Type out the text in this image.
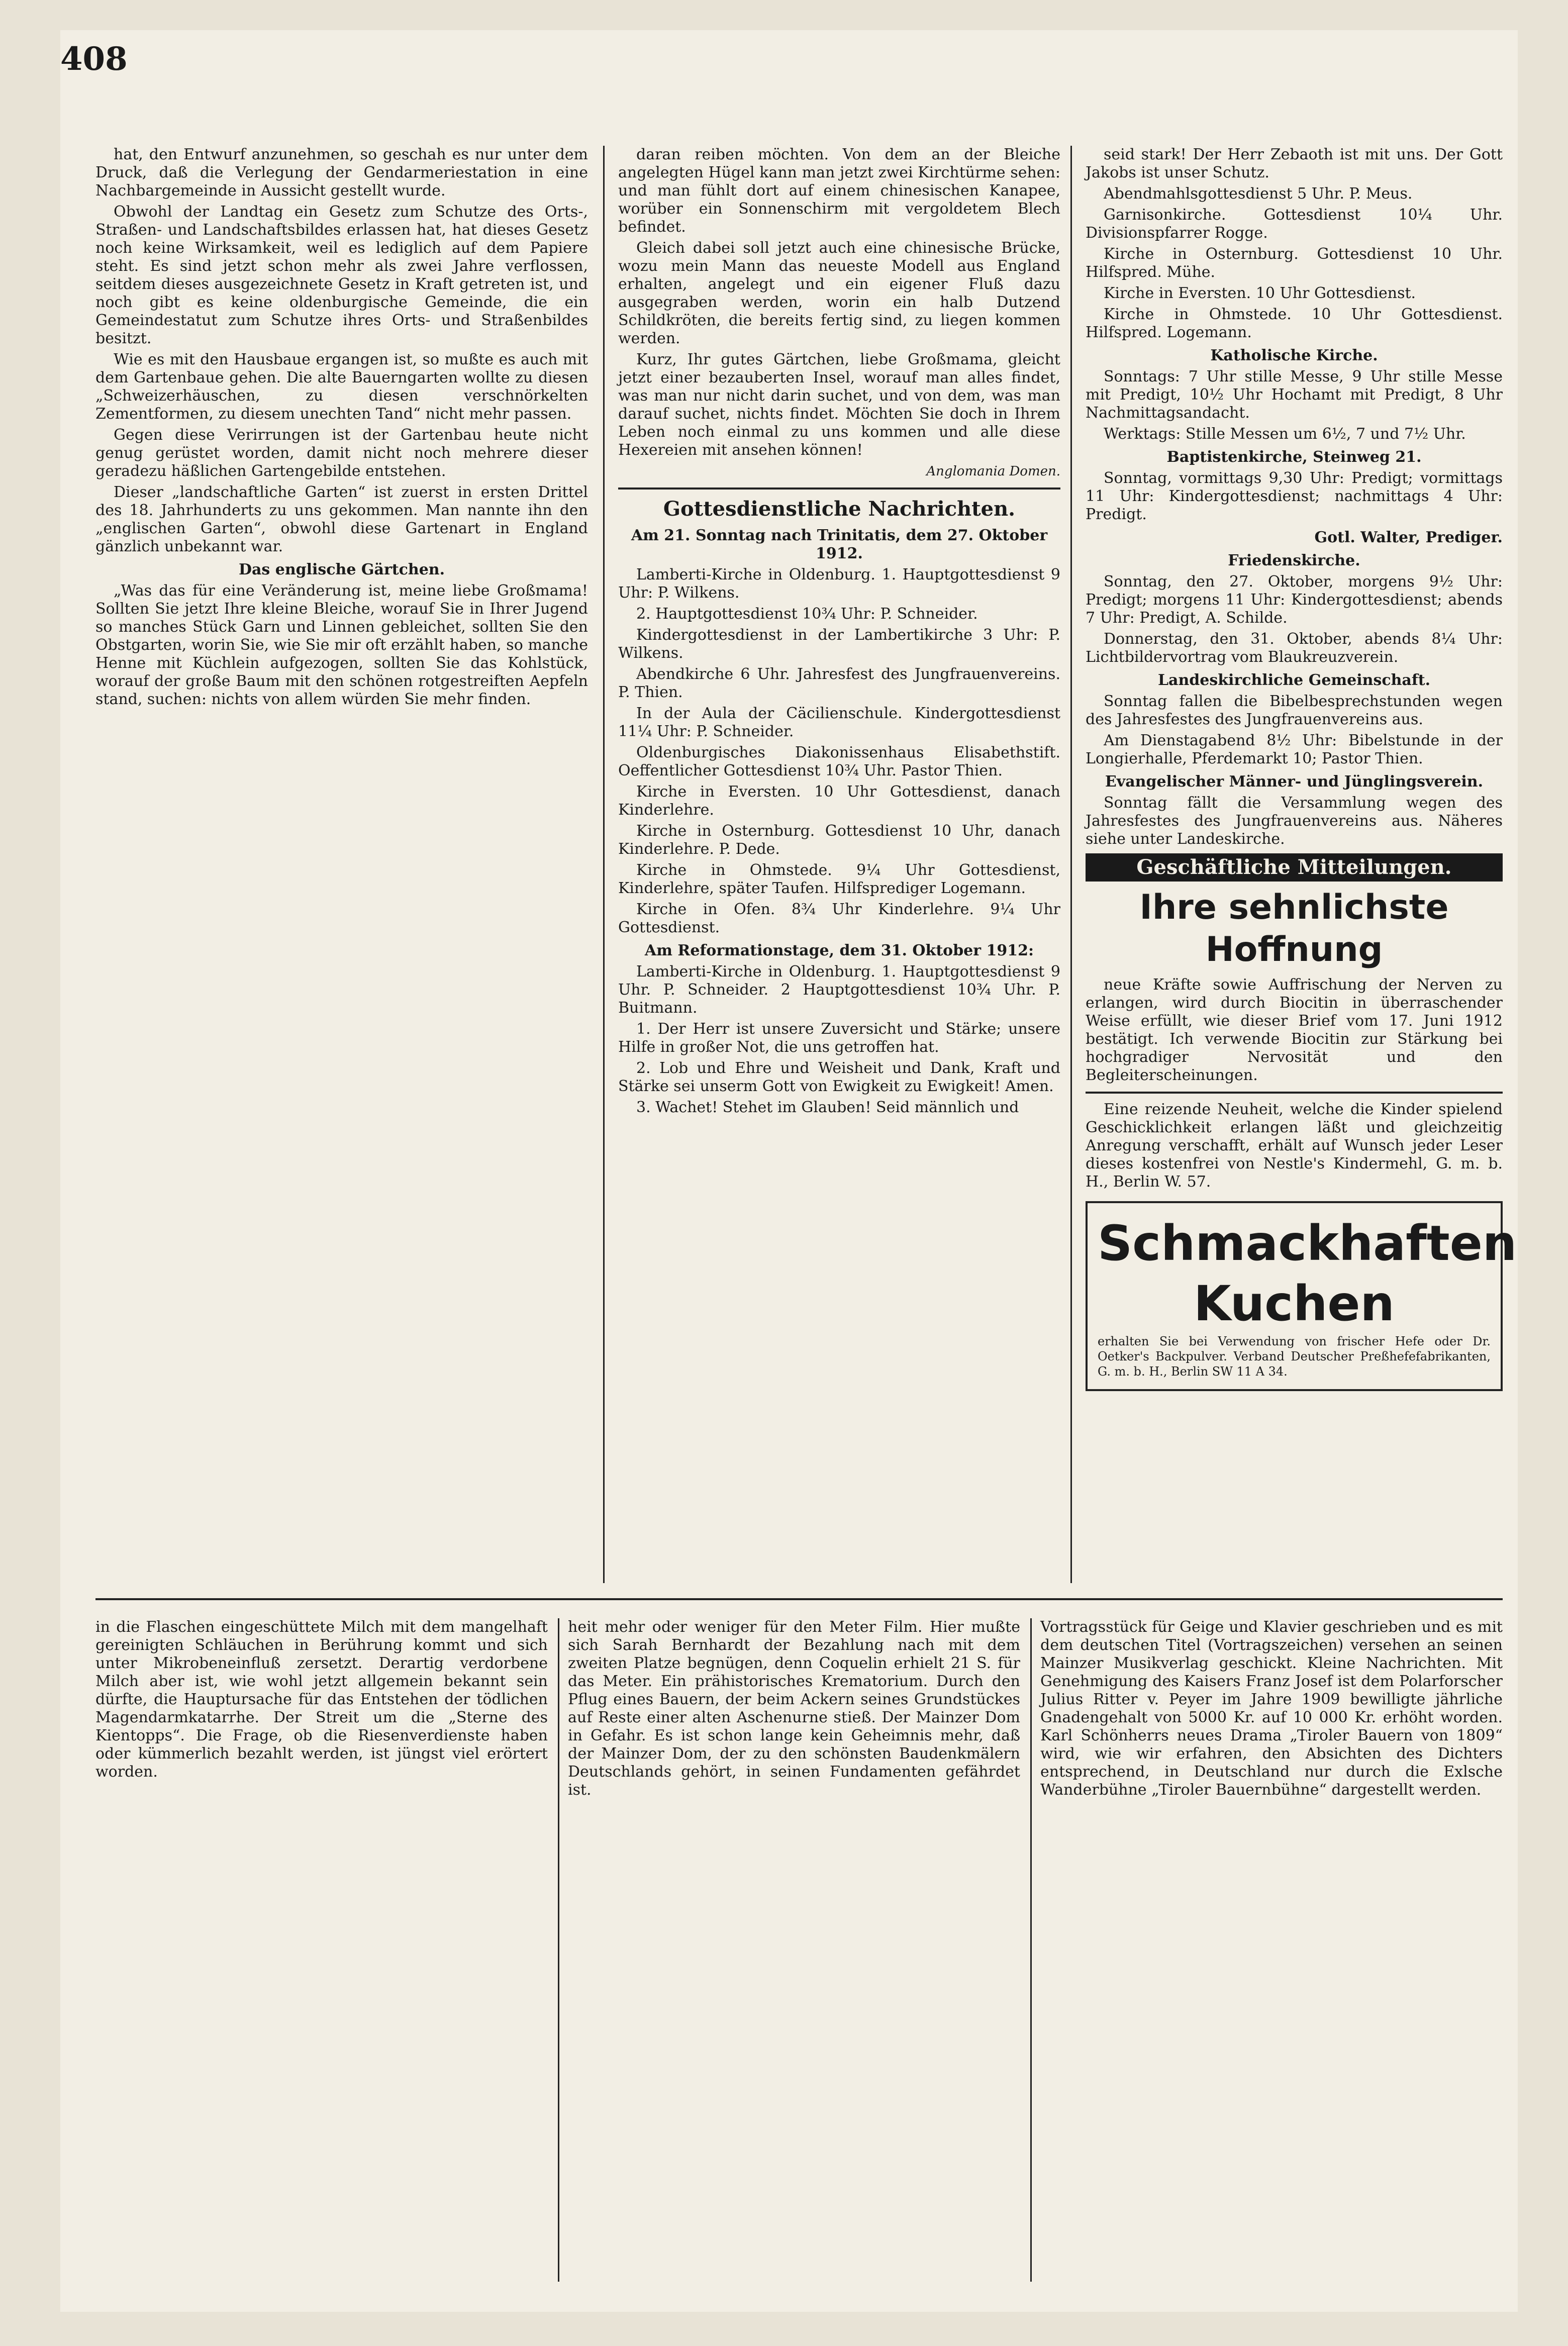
408

hat, den Entwurf anzunehmen, so geschah es nur unter dem Druck, daß die Verlegung der Gendarmeriestation in eine Nachbargemeinde in Aussicht gestellt wurde.

Obwohl der Landtag ein Gesetz zum Schutze des Orts-, Straßen- und Landschaftsbildes erlassen hat, hat dieses Gesetz noch keine Wirksamkeit, weil es lediglich auf dem Papiere steht. Es sind jetzt schon mehr als zwei Jahre verflossen, seitdem dieses ausgezeichnete Gesetz in Kraft getreten ist, und noch gibt es keine oldenburgische Gemeinde, die ein Gemeindestatut zum Schutze ihres Orts- und Straßenbildes besitzt.

Wie es mit den Hausbaue ergangen ist, so mußte es auch mit dem Gartenbaue gehen. Die alte Bauerngarten wollte zu diesen „Schweizerhäuschen, zu diesen verschnörkelten Zementformen, zu diesem unechten Tand“ nicht mehr passen.

Gegen diese Verirrungen ist der Gartenbau heute nicht genug gerüstet worden, damit nicht noch mehrere dieser geradezu häßlichen Gartengebilde entstehen.

Dieser „landschaftliche Garten“ ist zuerst in ersten Drittel des 18. Jahrhunderts zu uns gekommen. Man nannte ihn den „englischen Garten“, obwohl diese Gartenart in England gänzlich unbekannt war.

Das englische Gärtchen.

„Was das für eine Veränderung ist, meine liebe Großmama! Sollten Sie jetzt Ihre kleine Bleiche, worauf Sie in Ihrer Jugend so manches Stück Garn und Linnen gebleichet, sollten Sie den Obstgarten, worin Sie, wie Sie mir oft erzählt haben, so manche Henne mit Küchlein aufgezogen, sollten Sie das Kohlstück, worauf der große Baum mit den schönen rotgestreiften Aepfeln stand, suchen: nichts von allem würden Sie mehr finden.

daran reiben möchten. Von dem an der Bleiche angelegten Hügel kann man jetzt zwei Kirchtürme sehen: und man fühlt dort auf einem chinesischen Kanapee, worüber ein Sonnenschirm mit vergoldetem Blech befindet.

Gleich dabei soll jetzt auch eine chinesische Brücke, wozu mein Mann das neueste Modell aus England erhalten, angelegt und ein eigener Fluß dazu ausgegraben werden, worin ein halb Dutzend Schildkröten, die bereits fertig sind, zu liegen kommen werden.

Kurz, Ihr gutes Gärtchen, liebe Großmama, gleicht jetzt einer bezauberten Insel, worauf man alles findet, was man nur nicht darin suchet, und von dem, was man darauf suchet, nichts findet. Möchten Sie doch in Ihrem Leben noch einmal zu uns kommen und alle diese Hexereien mit ansehen können!

Anglomania Domen.
Gottesdienstliche Nachrichten.
Am 21. Sonntag nach Trinitatis, dem 27. Oktober 1912.

Lamberti-Kirche in Oldenburg. 1. Hauptgottesdienst 9 Uhr: P. Wilkens.

2. Hauptgottesdienst 10¾ Uhr: P. Schneider.

Kindergottesdienst in der Lambertikirche 3 Uhr: P. Wilkens.

Abendkirche 6 Uhr. Jahresfest des Jungfrauenvereins. P. Thien.

In der Aula der Cäcilienschule. Kindergottesdienst 11¼ Uhr: P. Schneider.

Oldenburgisches Diakonissenhaus Elisabethstift. Oeffentlicher Gottesdienst 10¾ Uhr. Pastor Thien.

Kirche in Eversten. 10 Uhr Gottesdienst, danach Kinderlehre.

Kirche in Osternburg. Gottesdienst 10 Uhr, danach Kinderlehre. P. Dede.

Kirche in Ohmstede. 9¼ Uhr Gottesdienst, Kinderlehre, später Taufen. Hilfsprediger Logemann.

Kirche in Ofen. 8¾ Uhr Kinderlehre. 9¼ Uhr Gottesdienst.

Am Reformationstage, dem 31. Oktober 1912:

Lamberti-Kirche in Oldenburg. 1. Hauptgottesdienst 9 Uhr. P. Schneider. 2 Hauptgottesdienst 10¾ Uhr. P. Buitmann.

1. Der Herr ist unsere Zuversicht und Stärke; unsere Hilfe in großer Not, die uns getroffen hat.

2. Lob und Ehre und Weisheit und Dank, Kraft und Stärke sei unserm Gott von Ewigkeit zu Ewigkeit! Amen.

3. Wachet! Stehet im Glauben! Seid männlich und

seid stark! Der Herr Zebaoth ist mit uns. Der Gott Jakobs ist unser Schutz.

Abendmahlsgottesdienst 5 Uhr. P. Meus.

Garnisonkirche. Gottesdienst 10¼ Uhr. Divisionspfarrer Rogge.

Kirche in Osternburg. Gottesdienst 10 Uhr. Hilfspred. Mühe.

Kirche in Eversten. 10 Uhr Gottesdienst.

Kirche in Ohmstede. 10 Uhr Gottesdienst. Hilfspred. Logemann.

Katholische Kirche.

Sonntags: 7 Uhr stille Messe, 9 Uhr stille Messe mit Predigt, 10½ Uhr Hochamt mit Predigt, 8 Uhr Nachmittagsandacht.

Werktags: Stille Messen um 6½, 7 und 7½ Uhr.

Baptistenkirche, Steinweg 21.

Sonntag, vormittags 9,30 Uhr: Predigt; vormittags 11 Uhr: Kindergottesdienst; nachmittags 4 Uhr: Predigt.

Gotl. Walter, Prediger.
Friedenskirche.

Sonntag, den 27. Oktober, morgens 9½ Uhr: Predigt; morgens 11 Uhr: Kindergottesdienst; abends 7 Uhr: Predigt, A. Schilde.

Donnerstag, den 31. Oktober, abends 8¼ Uhr: Lichtbildervortrag vom Blaukreuzverein.

Landeskirchliche Gemeinschaft.

Sonntag fallen die Bibelbesprechstunden wegen des Jahresfestes des Jungfrauenvereins aus.

Am Dienstagabend 8½ Uhr: Bibelstunde in der Longierhalle, Pferdemarkt 10; Pastor Thien.

Evangelischer Männer- und Jünglingsverein.

Sonntag fällt die Versammlung wegen des Jahresfestes des Jungfrauenvereins aus. Näheres siehe unter Landeskirche.

Geschäftliche Mitteilungen.
Ihre sehnlichste Hoffnung

neue Kräfte sowie Auffrischung der Nerven zu erlangen, wird durch Biocitin in überraschender Weise erfüllt, wie dieser Brief vom 17. Juni 1912 bestätigt. Ich verwende Biocitin zur Stärkung bei hochgradiger Nervosität und den Begleiterscheinungen.

Eine reizende Neuheit, welche die Kinder spielend Geschicklichkeit erlangen läßt und gleichzeitig Anregung verschafft, erhält auf Wunsch jeder Leser dieses kostenfrei von Nestle's Kindermehl, G. m. b. H., Berlin W. 57.

Schmackhaften Kuchen
erhalten Sie bei Verwendung von frischer Hefe oder Dr. Oetker's Backpulver. Verband Deutscher Preßhefefabrikanten, G. m. b. H., Berlin SW 11 A 34.
in die Flaschen eingeschüttete Milch mit dem mangelhaft gereinigten Schläuchen in Berührung kommt und sich unter Mikrobeneinfluß zersetzt. Derartig verdorbene Milch aber ist, wie wohl jetzt allgemein bekannt sein dürfte, die Hauptursache für das Entstehen der tödlichen Magendarmkatarrhe. Der Streit um die „Sterne des Kientopps“. Die Frage, ob die Riesenverdienste haben oder kümmerlich bezahlt werden, ist jüngst viel erörtert worden.
heit mehr oder weniger für den Meter Film. Hier mußte sich Sarah Bernhardt der Bezahlung nach mit dem zweiten Platze begnügen, denn Coquelin erhielt 21 S. für das Meter. Ein prähistorisches Krematorium. Durch den Pflug eines Bauern, der beim Ackern seines Grundstückes auf Reste einer alten Aschenurne stieß. Der Mainzer Dom in Gefahr. Es ist schon lange kein Geheimnis mehr, daß der Mainzer Dom, der zu den schönsten Baudenkmälern Deutschlands gehört, in seinen Fundamenten gefährdet ist.
Vortragsstück für Geige und Klavier geschrieben und es mit dem deutschen Titel (Vortragszeichen) versehen an seinen Mainzer Musikverlag geschickt. Kleine Nachrichten. Mit Genehmigung des Kaisers Franz Josef ist dem Polarforscher Julius Ritter v. Peyer im Jahre 1909 bewilligte jährliche Gnadengehalt von 5000 Kr. auf 10 000 Kr. erhöht worden. Karl Schönherrs neues Drama „Tiroler Bauern von 1809“ wird, wie wir erfahren, den Absichten des Dichters entsprechend, in Deutschland nur durch die Exlsche Wanderbühne „Tiroler Bauernbühne“ dargestellt werden.
